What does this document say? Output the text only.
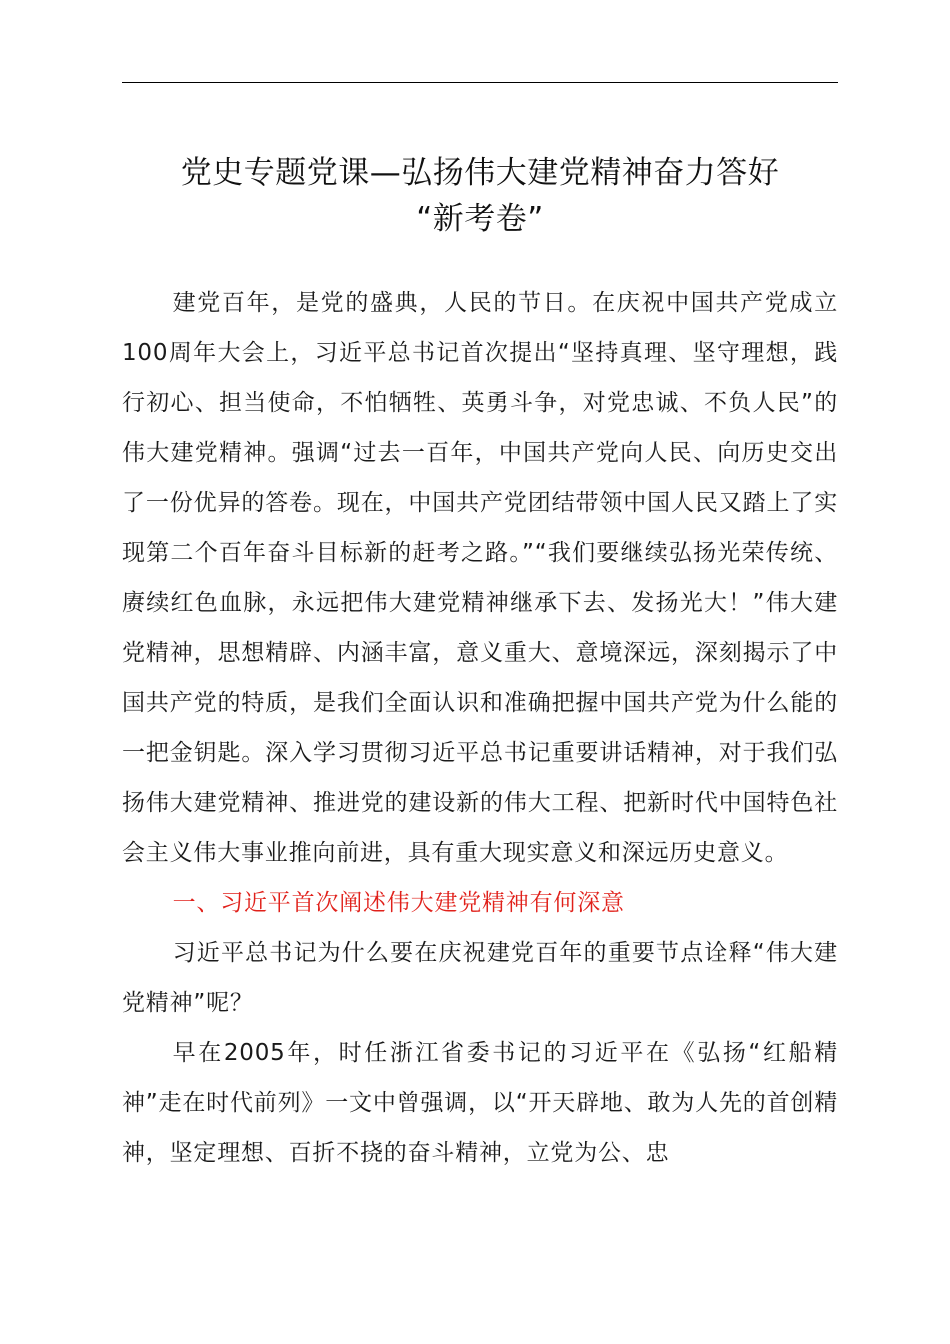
党史专题党课—弘扬伟大建党精神奋力答好
“新考卷”

建党百年，是党的盛典，人民的节日。在庆祝中国共产党成立100周年大会上，习近平总书记首次提出“坚持真理、坚守理想，践行初心、担当使命，不怕牺牲、英勇斗争，对党忠诚、不负人民”的伟大建党精神。强调“过去一百年，中国共产党向人民、向历史交出了一份优异的答卷。现在，中国共产党团结带领中国人民又踏上了实现第二个百年奋斗目标新的赶考之路。”“我们要继续弘扬光荣传统、赓续红色血脉，永远把伟大建党精神继承下去、发扬光大！”伟大建党精神，思想精辟、内涵丰富，意义重大、意境深远，深刻揭示了中国共产党的特质，是我们全面认识和准确把握中国共产党为什么能的一把金钥匙。深入学习贯彻习近平总书记重要讲话精神，对于我们弘扬伟大建党精神、推进党的建设新的伟大工程、把新时代中国特色社会主义伟大事业推向前进，具有重大现实意义和深远历史意义。

一、习近平首次阐述伟大建党精神有何深意

习近平总书记为什么要在庆祝建党百年的重要节点诠释“伟大建党精神”呢？

早在2005年，时任浙江省委书记的习近平在《弘扬“红船精神”走在时代前列》一文中曾强调，以“开天辟地、敢为人先的首创精神，坚定理想、百折不挠的奋斗精神，立党为公、忠
